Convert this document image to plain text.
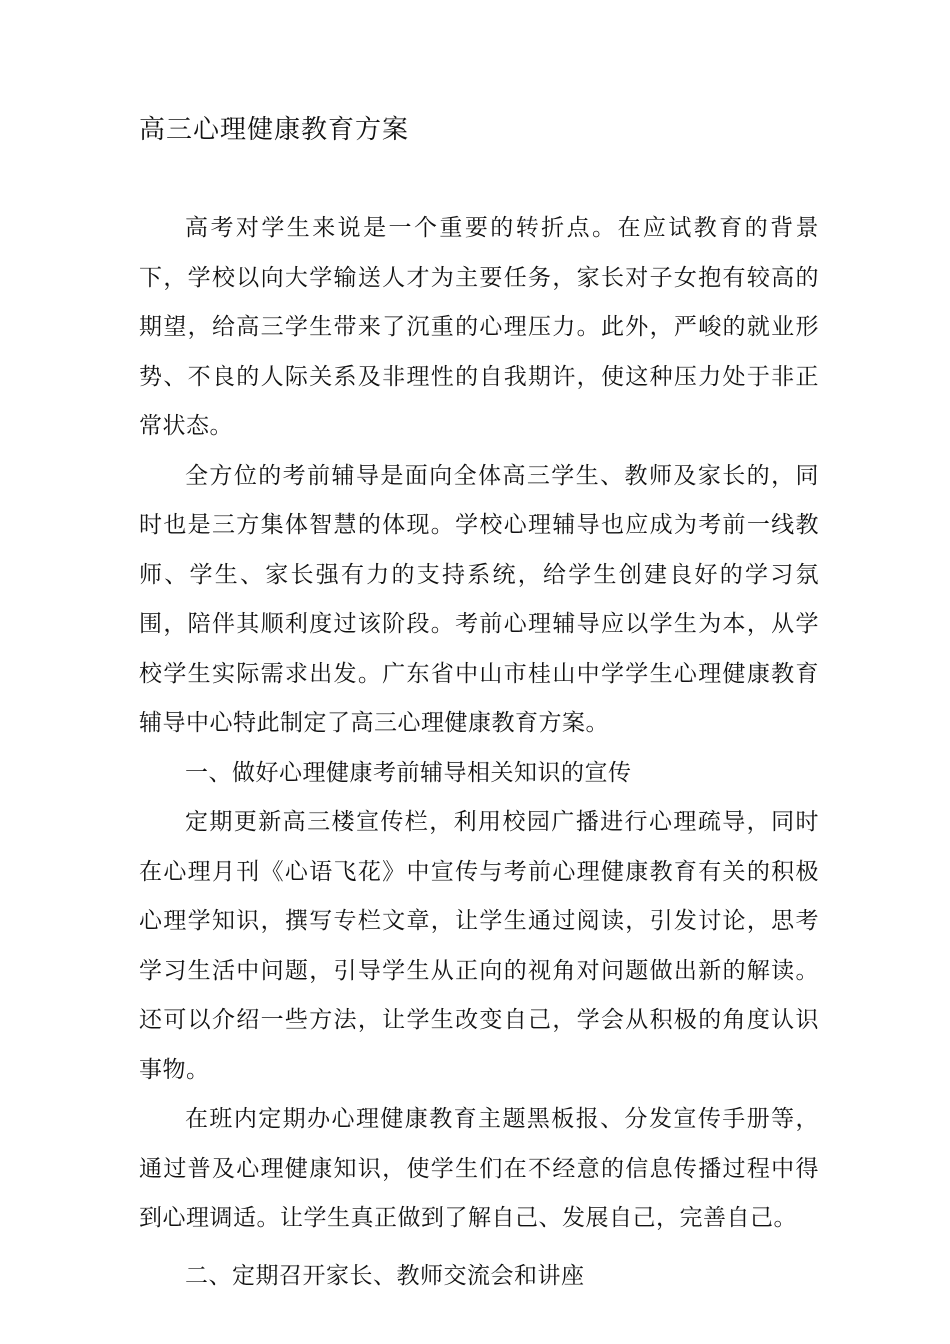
高三心理健康教育方案

高考对学生来说是一个重要的转折点。在应试教育的背景下，学校以向大学输送人才为主要任务，家长对子女抱有较高的期望，给高三学生带来了沉重的心理压力。此外，严峻的就业形势、不良的人际关系及非理性的自我期许，使这种压力处于非正常状态。

全方位的考前辅导是面向全体高三学生、教师及家长的，同时也是三方集体智慧的体现。学校心理辅导也应成为考前一线教师、学生、家长强有力的支持系统，给学生创建良好的学习氛围，陪伴其顺利度过该阶段。考前心理辅导应以学生为本，从学校学生实际需求出发。广东省中山市桂山中学学生心理健康教育辅导中心特此制定了高三心理健康教育方案。

一、做好心理健康考前辅导相关知识的宣传

定期更新高三楼宣传栏，利用校园广播进行心理疏导，同时在心理月刊《心语飞花》中宣传与考前心理健康教育有关的积极心理学知识，撰写专栏文章，让学生通过阅读，引发讨论，思考学习生活中问题，引导学生从正向的视角对问题做出新的解读。还可以介绍一些方法，让学生改变自己，学会从积极的角度认识事物。

在班内定期办心理健康教育主题黑板报、分发宣传手册等，通过普及心理健康知识，使学生们在不经意的信息传播过程中得到心理调适。让学生真正做到了解自己、发展自己，完善自己。

二、定期召开家长、教师交流会和讲座
